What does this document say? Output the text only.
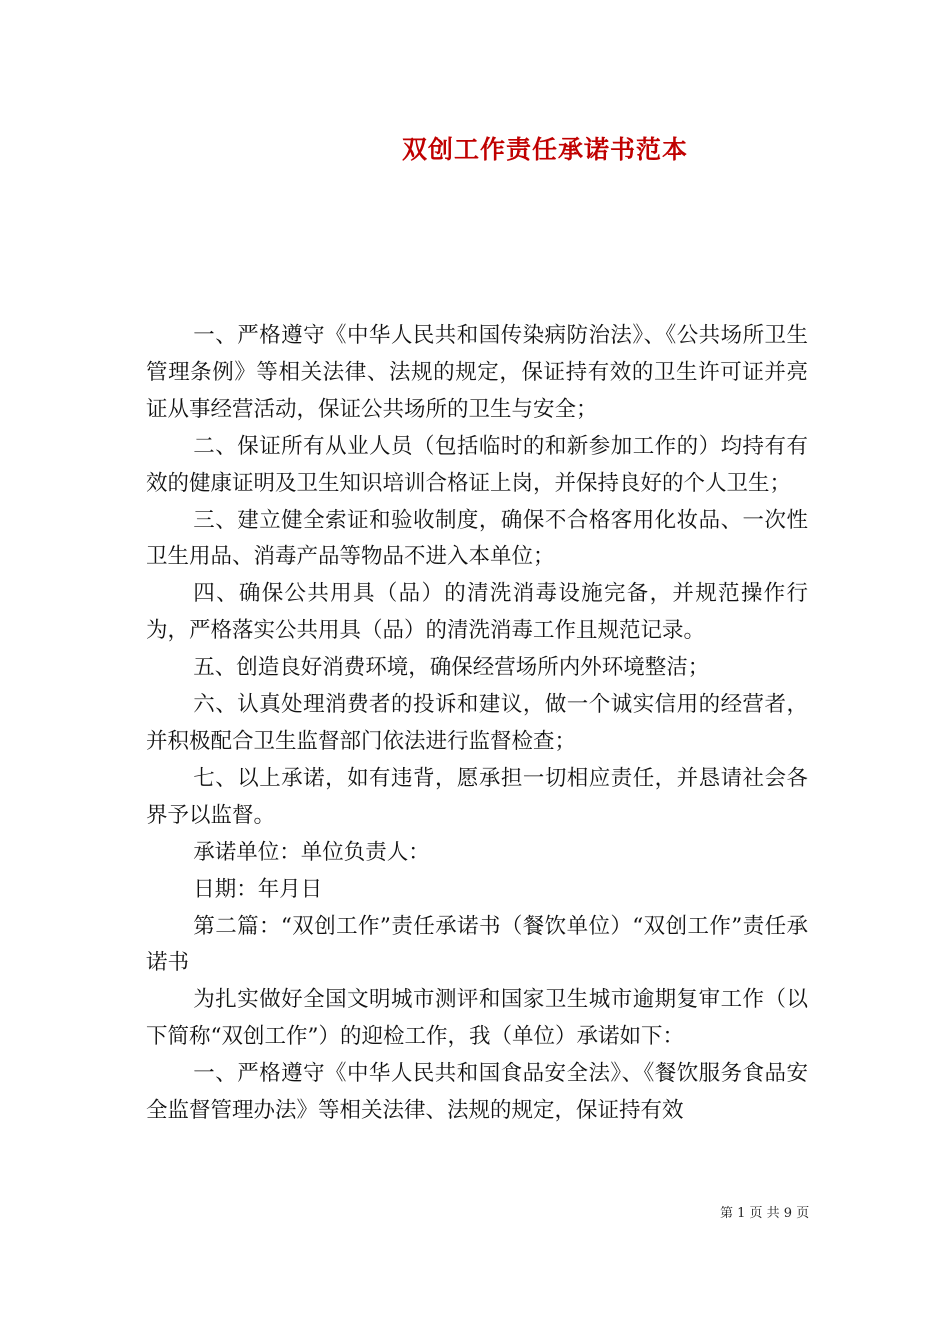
双创工作责任承诺书范本

一、严格遵守《中华人民共和国传染病防治法》、《公共场所卫生管理条例》等相关法律、法规的规定，保证持有效的卫生许可证并亮证从事经营活动，保证公共场所的卫生与安全；

二、保证所有从业人员（包括临时的和新参加工作的）均持有有效的健康证明及卫生知识培训合格证上岗，并保持良好的个人卫生；

三、建立健全索证和验收制度，确保不合格客用化妆品、一次性卫生用品、消毒产品等物品不进入本单位；

四、确保公共用具（品）的清洗消毒设施完备，并规范操作行为，严格落实公共用具（品）的清洗消毒工作且规范记录。

五、创造良好消费环境，确保经营场所内外环境整洁；

六、认真处理消费者的投诉和建议，做一个诚实信用的经营者，并积极配合卫生监督部门依法进行监督检查；

七、以上承诺，如有违背，愿承担一切相应责任，并恳请社会各界予以监督。

承诺单位：单位负责人：

日期：年月日

第二篇：“双创工作”责任承诺书（餐饮单位）“双创工作”责任承诺书

为扎实做好全国文明城市测评和国家卫生城市逾期复审工作（以下简称“双创工作”）的迎检工作，我（单位）承诺如下：

一、严格遵守《中华人民共和国食品安全法》、《餐饮服务食品安全监督管理办法》等相关法律、法规的规定，保证持有效

第 1 页 共 9 页
